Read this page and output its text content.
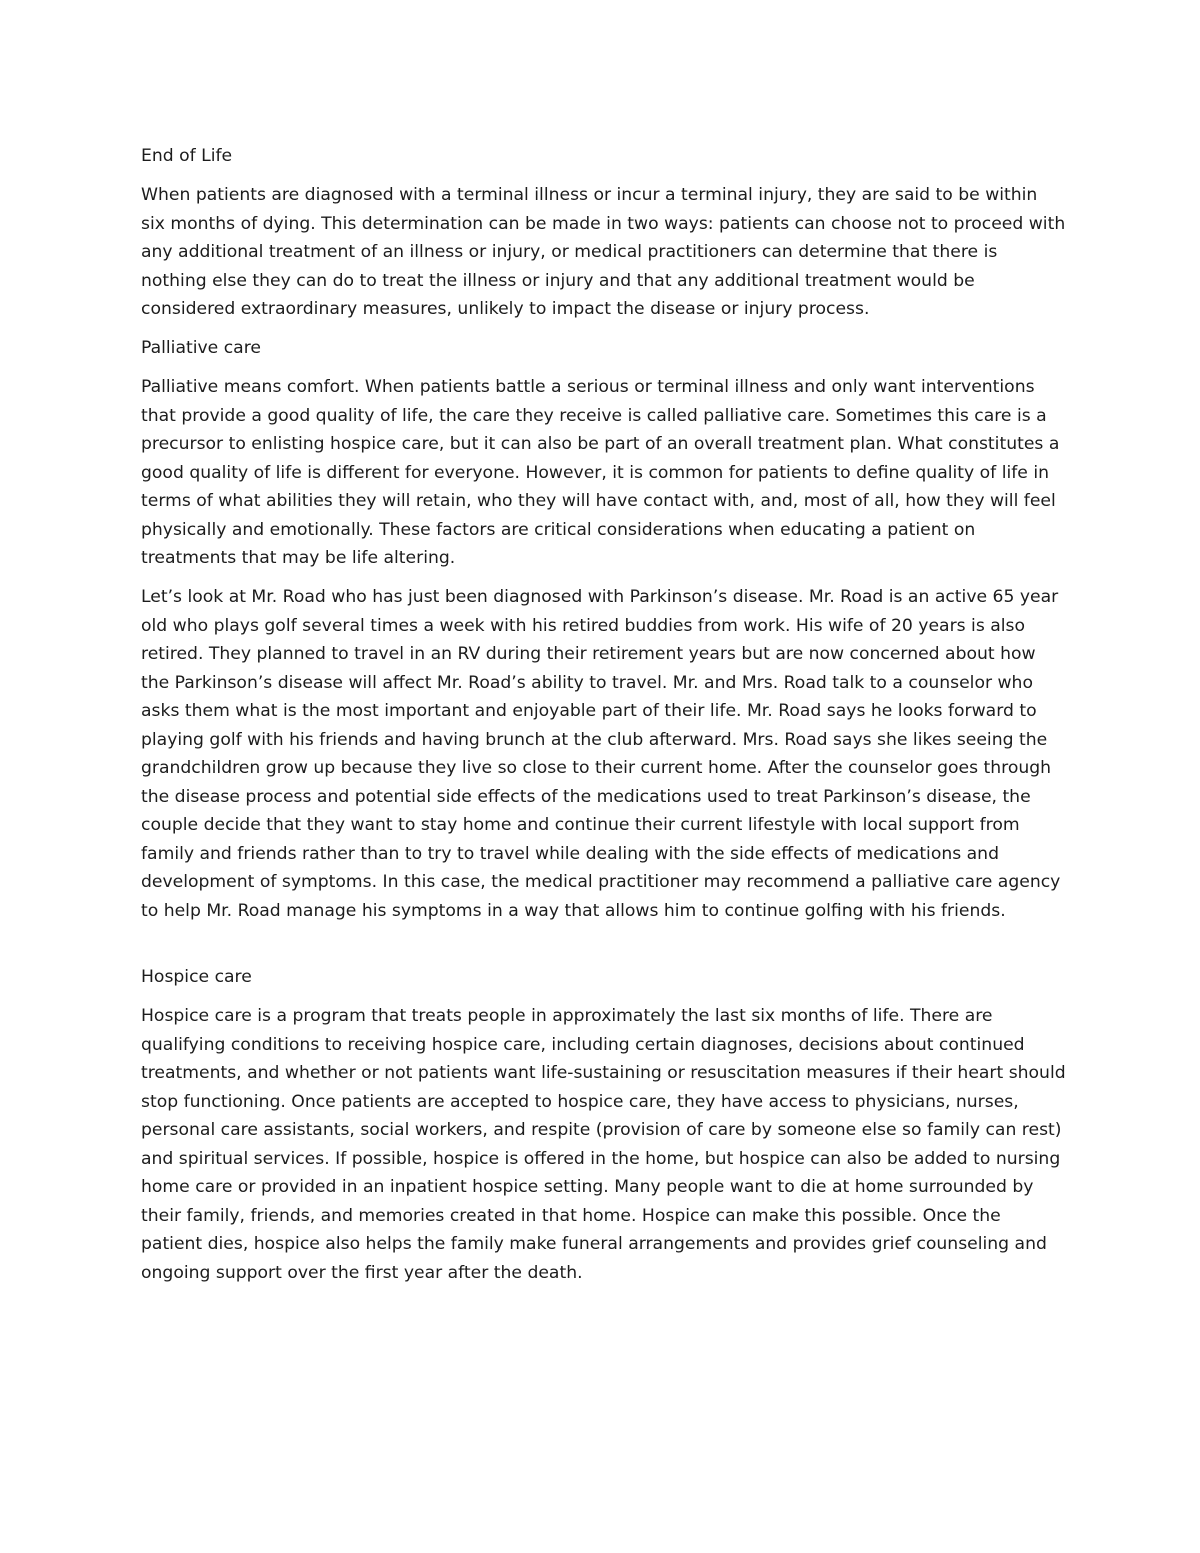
End of Life

When patients are diagnosed with a terminal illness or incur a terminal injury, they are said to be within six months of dying. This determination can be made in two ways: patients can choose not to proceed with any additional treatment of an illness or injury, or medical practitioners can determine that there is nothing else they can do to treat the illness or injury and that any additional treatment would be considered extraordinary measures, unlikely to impact the disease or injury process.

Palliative care

Palliative means comfort. When patients battle a serious or terminal illness and only want interventions that provide a good quality of life, the care they receive is called palliative care. Sometimes this care is a precursor to enlisting hospice care, but it can also be part of an overall treatment plan. What constitutes a good quality of life is different for everyone. However, it is common for patients to define quality of life in terms of what abilities they will retain, who they will have contact with, and, most of all, how they will feel physically and emotionally. These factors are critical considerations when educating a patient on treatments that may be life altering.

Let’s look at Mr. Road who has just been diagnosed with Parkinson’s disease. Mr. Road is an active 65 year old who plays golf several times a week with his retired buddies from work. His wife of 20 years is also retired. They planned to travel in an RV during their retirement years but are now concerned about how the Parkinson’s disease will affect Mr. Road’s ability to travel. Mr. and Mrs. Road talk to a counselor who asks them what is the most important and enjoyable part of their life. Mr. Road says he looks forward to playing golf with his friends and having brunch at the club afterward. Mrs. Road says she likes seeing the grandchildren grow up because they live so close to their current home. After the counselor goes through the disease process and potential side effects of the medications used to treat Parkinson’s disease, the couple decide that they want to stay home and continue their current lifestyle with local support from family and friends rather than to try to travel while dealing with the side effects of medications and development of symptoms. In this case, the medical practitioner may recommend a palliative care agency to help Mr. Road manage his symptoms in a way that allows him to continue golfing with his friends.

Hospice care

Hospice care is a program that treats people in approximately the last six months of life. There are qualifying conditions to receiving hospice care, including certain diagnoses, decisions about continued treatments, and whether or not patients want life-sustaining or resuscitation measures if their heart should stop functioning. Once patients are accepted to hospice care, they have access to physicians, nurses, personal care assistants, social workers, and respite (provision of care by someone else so family can rest) and spiritual services. If possible, hospice is offered in the home, but hospice can also be added to nursing home care or provided in an inpatient hospice setting. Many people want to die at home surrounded by their family, friends, and memories created in that home. Hospice can make this possible. Once the patient dies, hospice also helps the family make funeral arrangements and provides grief counseling and ongoing support over the first year after the death.
